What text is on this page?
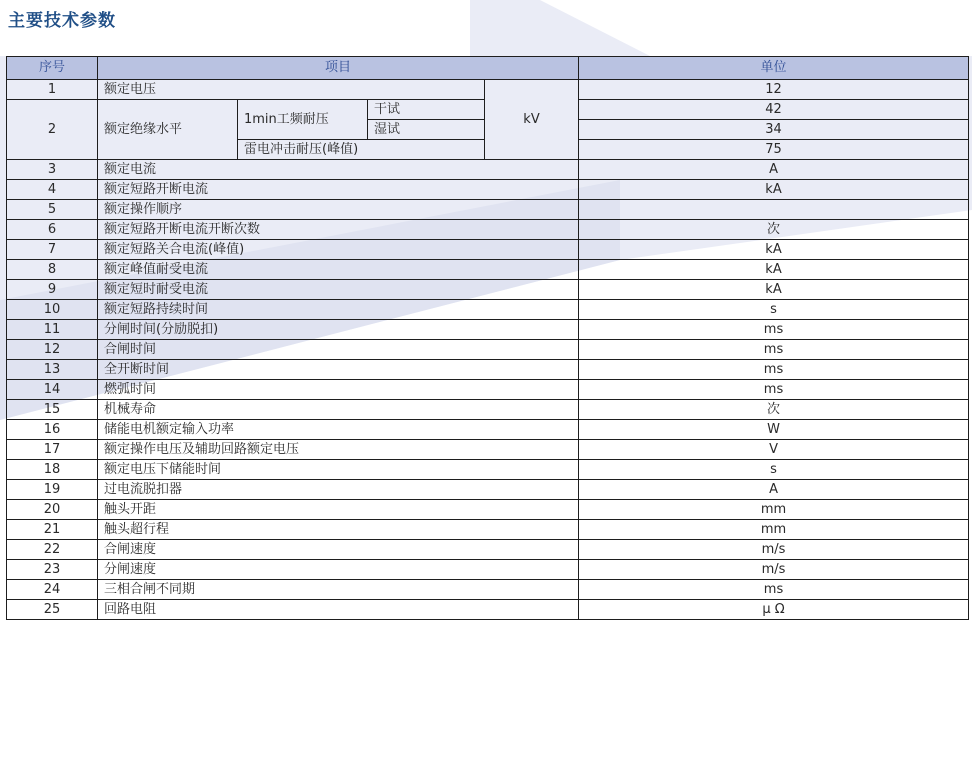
主要技术参数
序号	项目				单位	
1	额定电压			kV	12	
2	额定绝缘水平	1min工频耐压	干试		42	
			湿试		34	
		雷电冲击耐压(峰值)			75	
3	额定电流				A	
4	额定短路开断电流				kA	
5	额定操作顺序		
6	额定短路开断电流开断次数				次	
7	额定短路关合电流(峰值)				kA	
8	额定峰值耐受电流				kA	
9	额定短时耐受电流				kA	
10	额定短路持续时间				s	
11	分闸时间(分励脱扣)				ms	
12	合闸时间				ms	
13	全开断时间				ms	
14	燃弧时间				ms	
15	机械寿命				次	
16	储能电机额定输入功率				W	
17	额定操作电压及辅助回路额定电压				V	
18	额定电压下储能时间				s	
19	过电流脱扣器				A	
20	触头开距				mm	
21	触头超行程				mm	
22	合闸速度				m/s	
23	分闸速度				m/s	
24	三相合闸不同期				ms	
25	回路电阻				μ Ω	
